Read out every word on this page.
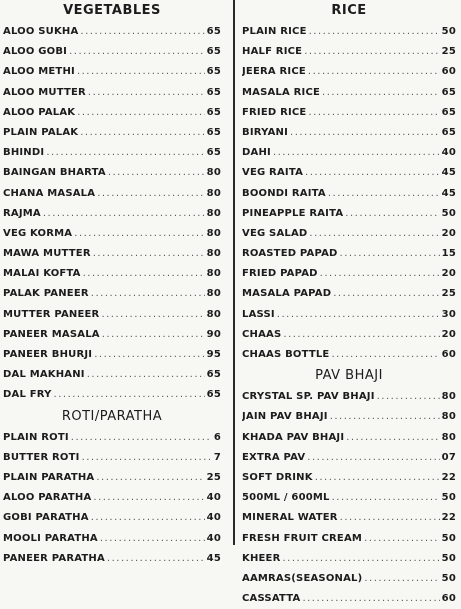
VEGETABLES
ALOO SUKHA .....	65
ALOO GOBI .....	65
ALOO METHI .....	65
ALOO MUTTER .....	65
ALOO PALAK .....	65
PLAIN PALAK .....	65
BHINDI .....	65
BAINGAN BHARTA .....	80
CHANA MASALA .....	80
RAJMA .....	80
VEG KORMA .....	80
MAWA MUTTER .....	80
MALAI KOFTA .....	80
PALAK PANEER .....	80
MUTTER PANEER .....	80
PANEER MASALA .....	90
PANEER BHURJI .....	95
DAL MAKHANI .....	65
DAL FRY .....	65
ROTI/PARATHA
PLAIN ROTI .....	6
BUTTER ROTI .....	7
PLAIN PARATHA .....	25
ALOO PARATHA .....	40
GOBI PARATHA .....	40
MOOLI PARATHA .....	40
PANEER PARATHA .....	45
RICE
PLAIN RICE .....	50
HALF RICE .....	25
JEERA RICE .....	60
MASALA RICE .....	65
FRIED RICE .....	65
BIRYANI .....	65
DAHI .....	40
VEG RAITA .....	45
BOONDI RAITA .....	45
PINEAPPLE RAITA .....	50
VEG SALAD .....	20
ROASTED PAPAD .....	15
FRIED PAPAD .....	20
MASALA PAPAD .....	25
LASSI .....	30
CHAAS .....	20
CHAAS BOTTLE .....	60
PAV BHAJI
CRYSTAL SP. PAV BHAJI .....	80
JAIN PAV BHAJI .....	80
KHADA PAV BHAJI .....	80
EXTRA PAV .....	07
SOFT DRINK .....	22
500ML / 600ML .....	50
MINERAL WATER .....	22
FRESH FRUIT CREAM .....	50
KHEER .....	50
AAMRAS(SEASONAL) .....	50
CASSATTA .....	60
